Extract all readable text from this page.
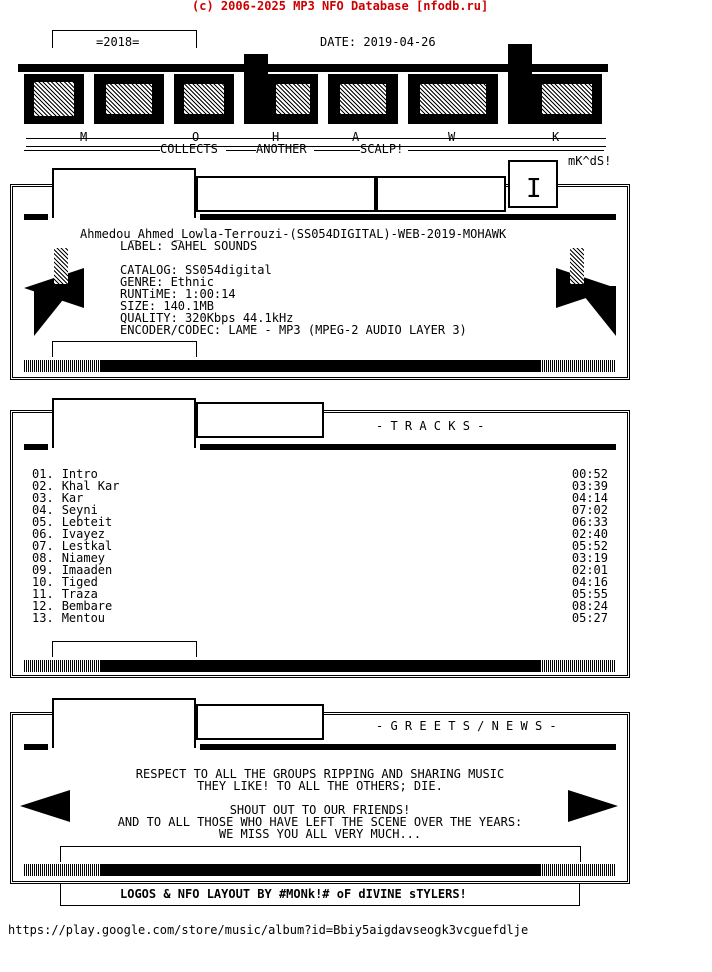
(c) 2006-2025 MP3 NFO Database [nfodb.ru]
=2018=	DATE: 2019-04-26
M	O	H	A	W	K
COLLECTS	ANOTHER	SCALP!
mK^dS!
I
Ahmedou_Ahmed_Lowla-Terrouzi-(SS054DIGITAL)-WEB-2019-MOHAWK
LABEL: SAHEL SOUNDS
CATALOG: SS054digital
GENRE: Ethnic
RUNTiME: 1:00:14
SIZE: 140.1MB
QUALITY: 320Kbps 44.1kHz
ENCODER/CODEC: LAME - MP3 (MPEG-2 AUDIO LAYER 3)
- T R A C K S -
01. Intro	00:52
02. Khal Kar	03:39
03. Kar	04:14
04. Seyni	07:02
05. Lebteit	06:33
06. Ivayez	02:40
07. Lestkal	05:52
08. Niamey	03:19
09. Imaaden	02:01
10. Tiged	04:16
11. Traza	05:55
12. Bembare	08:24
13. Mentou	05:27
- G R E E T S / N E W S -
RESPECT TO ALL THE GROUPS RIPPING AND SHARING MUSIC
THEY LIKE! TO ALL THE OTHERS; DIE.
SHOUT OUT TO OUR FRIENDS!
AND TO ALL THOSE WHO HAVE LEFT THE SCENE OVER THE YEARS:
WE MISS YOU ALL VERY MUCH...
LOGOS & NFO LAYOUT BY #MONk!# oF dIVINE sTYLERS!
https://play.google.com/store/music/album?id=Bbiy5aigdavseogk3vcguefdlje
